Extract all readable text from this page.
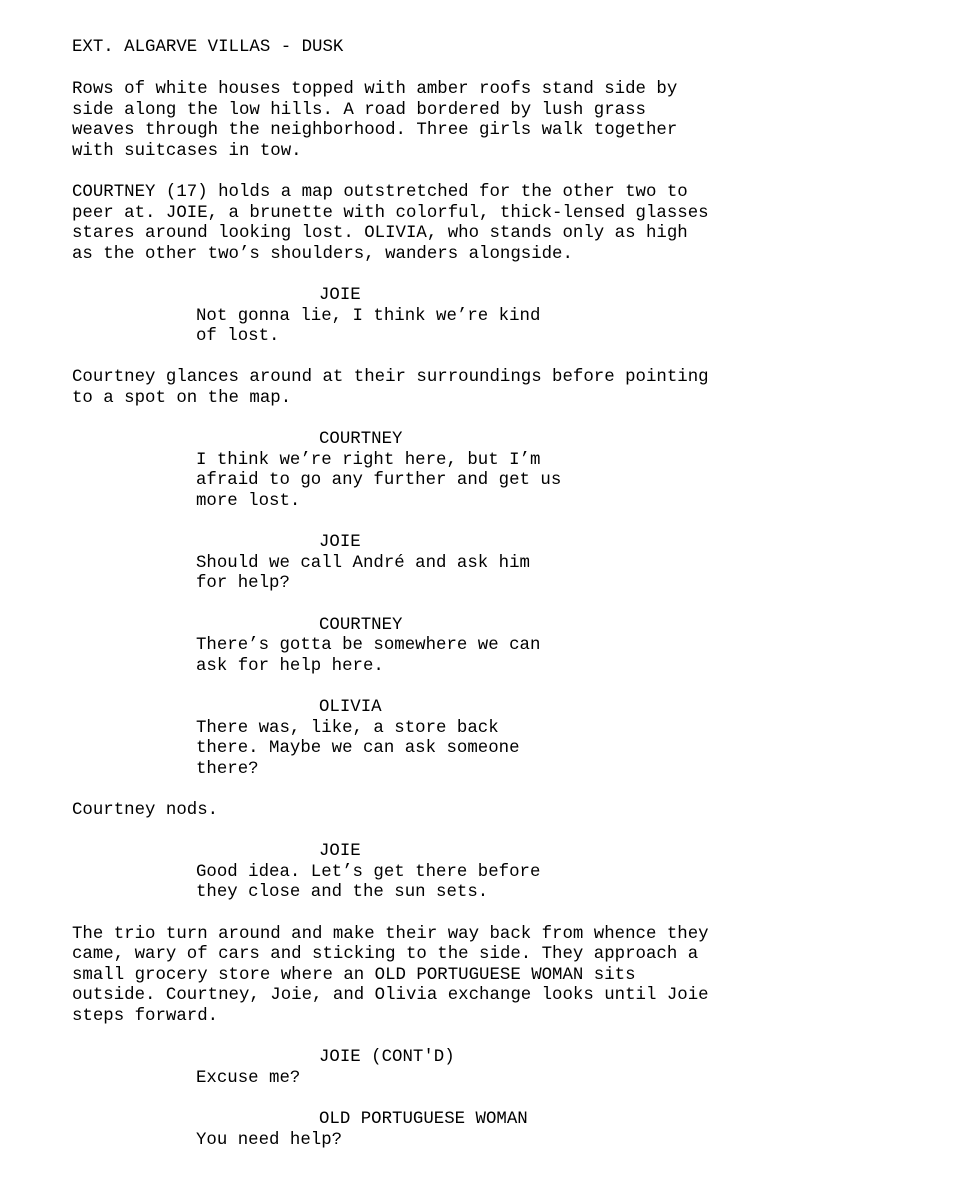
EXT. ALGARVE VILLAS - DUSK
Rows of white houses topped with amber roofs stand side by
side along the low hills. A road bordered by lush grass
weaves through the neighborhood. Three girls walk together
with suitcases in tow.
COURTNEY (17) holds a map outstretched for the other two to
peer at. JOIE, a brunette with colorful, thick-lensed glasses
stares around looking lost. OLIVIA, who stands only as high
as the other two’s shoulders, wanders alongside.
JOIE
Not gonna lie, I think we’re kind
of lost.
Courtney glances around at their surroundings before pointing
to a spot on the map.
COURTNEY
I think we’re right here, but I’m
afraid to go any further and get us
more lost.
JOIE
Should we call André and ask him
for help?
COURTNEY
There’s gotta be somewhere we can
ask for help here.
OLIVIA
There was, like, a store back
there. Maybe we can ask someone
there?
Courtney nods.
JOIE
Good idea. Let’s get there before
they close and the sun sets.
The trio turn around and make their way back from whence they
came, wary of cars and sticking to the side. They approach a
small grocery store where an OLD PORTUGUESE WOMAN sits
outside. Courtney, Joie, and Olivia exchange looks until Joie
steps forward.
JOIE (CONT'D)
Excuse me?
OLD PORTUGUESE WOMAN
You need help?
